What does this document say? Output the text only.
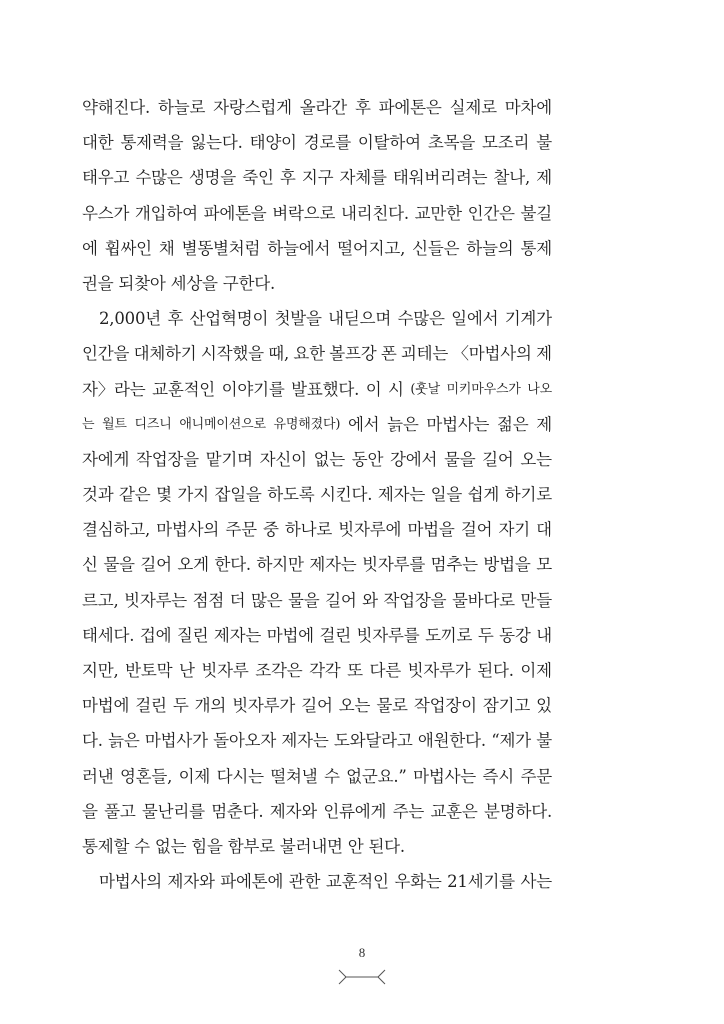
약해진다. 하늘로 자랑스럽게 올라간 후 파에톤은 실제로 마차에
대한 통제력을 잃는다. 태양이 경로를 이탈하여 초목을 모조리 불
태우고 수많은 생명을 죽인 후 지구 자체를 태워버리려는 찰나, 제
우스가 개입하여 파에톤을 벼락으로 내리친다. 교만한 인간은 불길
에 휩싸인 채 별똥별처럼 하늘에서 떨어지고, 신들은 하늘의 통제
권을 되찾아 세상을 구한다.
2,000년 후 산업혁명이 첫발을 내딛으며 수많은 일에서 기계가
인간을 대체하기 시작했을 때, 요한 볼프강 폰 괴테는 〈마법사의 제
자〉라는 교훈적인 이야기를 발표했다. 이 시 (훗날 미키마우스가 나오
는 월트 디즈니 애니메이션으로 유명해졌다) 에서 늙은 마법사는 젊은 제
자에게 작업장을 맡기며 자신이 없는 동안 강에서 물을 길어 오는
것과 같은 몇 가지 잡일을 하도록 시킨다. 제자는 일을 쉽게 하기로
결심하고, 마법사의 주문 중 하나로 빗자루에 마법을 걸어 자기 대
신 물을 길어 오게 한다. 하지만 제자는 빗자루를 멈추는 방법을 모
르고, 빗자루는 점점 더 많은 물을 길어 와 작업장을 물바다로 만들
태세다. 겁에 질린 제자는 마법에 걸린 빗자루를 도끼로 두 동강 내
지만, 반토막 난 빗자루 조각은 각각 또 다른 빗자루가 된다. 이제
마법에 걸린 두 개의 빗자루가 길어 오는 물로 작업장이 잠기고 있
다. 늙은 마법사가 돌아오자 제자는 도와달라고 애원한다. “제가 불
러낸 영혼들, 이제 다시는 떨쳐낼 수 없군요.” 마법사는 즉시 주문
을 풀고 물난리를 멈춘다. 제자와 인류에게 주는 교훈은 분명하다.
통제할 수 없는 힘을 함부로 불러내면 안 된다.
마법사의 제자와 파에톤에 관한 교훈적인 우화는 21세기를 사는
8
